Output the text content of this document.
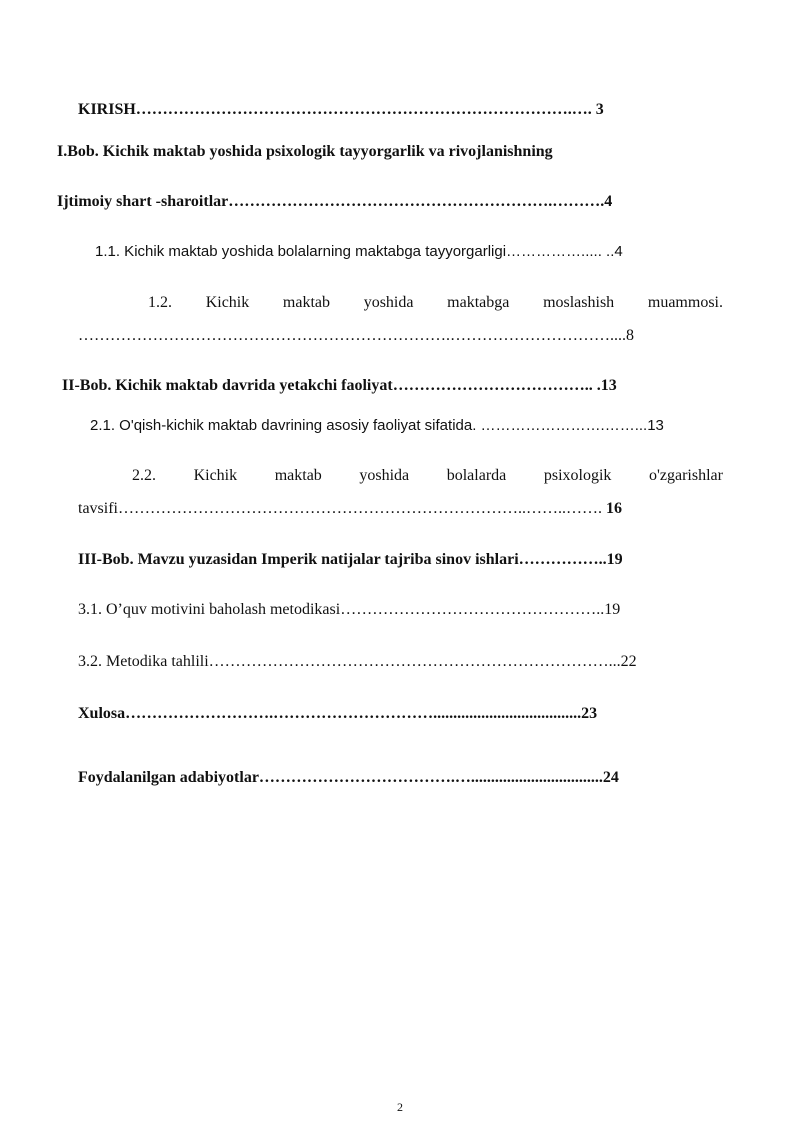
KIRISH……………………………………………………………………….…. 3
I.Bob. Kichik maktab yoshida psixologik tayyorgarlik va rivojlanishning
Ijtimoiy shart -sharoitlar…………………………………………………….……….4
1.1. Kichik maktab yoshida bolalarning maktabga tayyorgarligi……………..... ..4
1.2. Kichik maktab yoshida maktabga moslashish muammosi.
…………………………………………………………….…………………………....8
II-Bob. Kichik maktab davrida yetakchi faoliyat……………………………….. .13
2.1. O'qish-kichik maktab davrining asosiy faoliyat sifatida. …………………….……...13
2.2. Kichik maktab yoshida bolalarda psixologik o'zgarishlar
tavsifi…………………………………………………………………..……..……. 16
III-Bob. Mavzu yuzasidan Imperik natijalar tajriba sinov ishlari……………..19
3.1. O’quv motivini baholash metodikasi…………………………………………..19
3.2. Metodika tahlili…………………………………………………………………...22
Xulosa……………………….………………………….....................................23
Foydalanilgan adabiyotlar……………………………….….................................24
2
